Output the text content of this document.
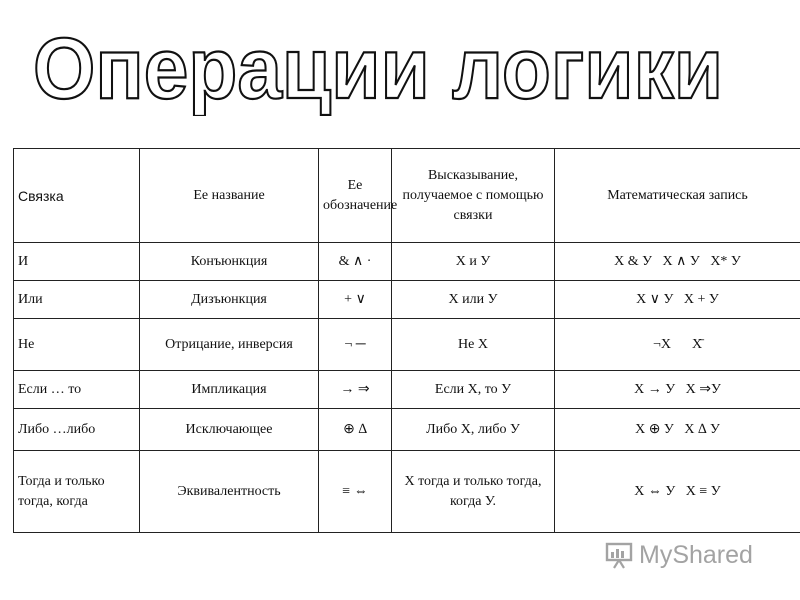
Операции логики
Связка	Ее название	Ее обозначение	Высказывание, получаемое с помощью связки	Математическая запись
И	Конъюнкция	& ∧ ·	Х и У	Х & У   Х ∧ У   Х* У
Или	Дизъюнкция	+ ∨	Х или У	Х ∨ У   Х + У
Не	Отрицание, инверсия	¬ ─	Не Х	¬Х      Х̄
Если … то	Импликация	→ ⇒	Если Х, то У	Х → У   Х ⇒У
Либо …либо	Исключающее	⊕ ∆	Либо Х, либо У	Х ⊕ У   Х ∆ У
Тогда и только тогда, когда	Эквивалентность	≡ ⇔	Х тогда и только тогда, когда У.	Х ⇔ У   Х ≡ У
MyShared
